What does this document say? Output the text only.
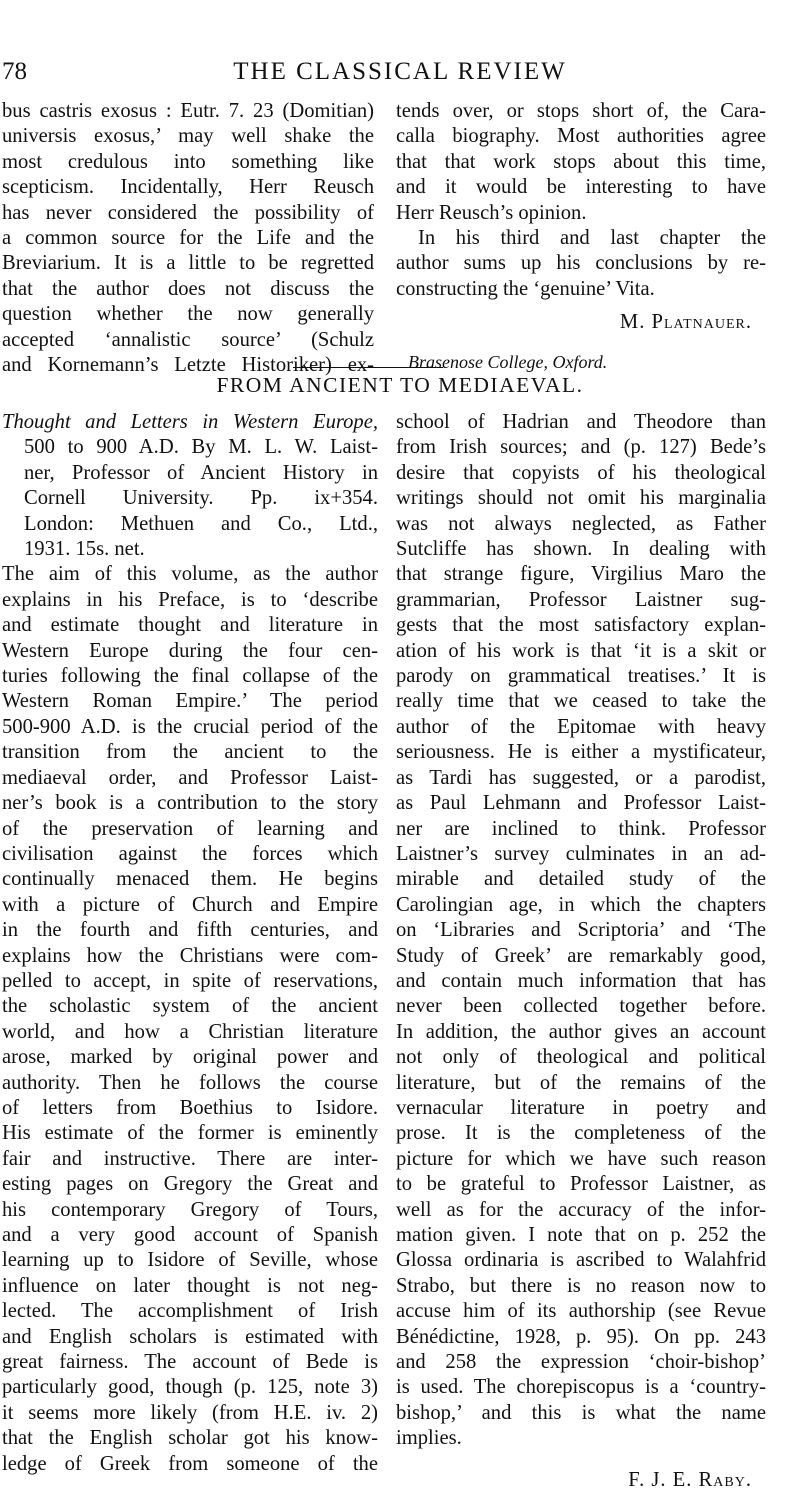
78	THE CLASSICAL REVIEW
bus castris exosus : Eutr. 7. 23 (Domitian)
universis exosus,’ may well shake the
most credulous into something like
scepticism. Incidentally, Herr Reusch
has never considered the possibility of
a common source for the Life and the
Breviarium. It is a little to be regretted
that the author does not discuss the
question whether the now generally
accepted ‘annalistic source’ (Schulz
and Kornemann’s Letzte Historiker) ex-
tends over, or stops short of, the Cara-
calla biography. Most authorities agree
that that work stops about this time,
and it would be interesting to have
Herr Reusch’s opinion.
In his third and last chapter the
author sums up his conclusions by re-
constructing the ‘genuine’ Vita.
M. Platnauer.
Brasenose College, Oxford.
FROM ANCIENT TO MEDIAEVAL.
Thought and Letters in Western Europe,
500 to 900 A.D. By M. L. W. Laist-
ner, Professor of Ancient History in
Cornell University. Pp. ix+354.
London: Methuen and Co., Ltd.,
1931. 15s. net.
The aim of this volume, as the author
explains in his Preface, is to ‘describe
and estimate thought and literature in
Western Europe during the four cen-
turies following the final collapse of the
Western Roman Empire.’ The period
500-900 A.D. is the crucial period of the
transition from the ancient to the
mediaeval order, and Professor Laist-
ner’s book is a contribution to the story
of the preservation of learning and
civilisation against the forces which
continually menaced them. He begins
with a picture of Church and Empire
in the fourth and fifth centuries, and
explains how the Christians were com-
pelled to accept, in spite of reservations,
the scholastic system of the ancient
world, and how a Christian literature
arose, marked by original power and
authority. Then he follows the course
of letters from Boethius to Isidore.
His estimate of the former is eminently
fair and instructive. There are inter-
esting pages on Gregory the Great and
his contemporary Gregory of Tours,
and a very good account of Spanish
learning up to Isidore of Seville, whose
influence on later thought is not neg-
lected. The accomplishment of Irish
and English scholars is estimated with
great fairness. The account of Bede is
particularly good, though (p. 125, note 3)
it seems more likely (from H.E. iv. 2)
that the English scholar got his know-
ledge of Greek from someone of the
school of Hadrian and Theodore than
from Irish sources; and (p. 127) Bede’s
desire that copyists of his theological
writings should not omit his marginalia
was not always neglected, as Father
Sutcliffe has shown. In dealing with
that strange figure, Virgilius Maro the
grammarian, Professor Laistner sug-
gests that the most satisfactory explan-
ation of his work is that ‘it is a skit or
parody on grammatical treatises.’ It is
really time that we ceased to take the
author of the Epitomae with heavy
seriousness. He is either a mystificateur,
as Tardi has suggested, or a parodist,
as Paul Lehmann and Professor Laist-
ner are inclined to think. Professor
Laistner’s survey culminates in an ad-
mirable and detailed study of the
Carolingian age, in which the chapters
on ‘Libraries and Scriptoria’ and ‘The
Study of Greek’ are remarkably good,
and contain much information that has
never been collected together before.
In addition, the author gives an account
not only of theological and political
literature, but of the remains of the
vernacular literature in poetry and
prose. It is the completeness of the
picture for which we have such reason
to be grateful to Professor Laistner, as
well as for the accuracy of the infor-
mation given. I note that on p. 252 the
Glossa ordinaria is ascribed to Walahfrid
Strabo, but there is no reason now to
accuse him of its authorship (see Revue
Bénédictine, 1928, p. 95). On pp. 243
and 258 the expression ‘choir-bishop’
is used. The chorepiscopus is a ‘country-
bishop,’ and this is what the name
implies.
F. J. E. Raby.
